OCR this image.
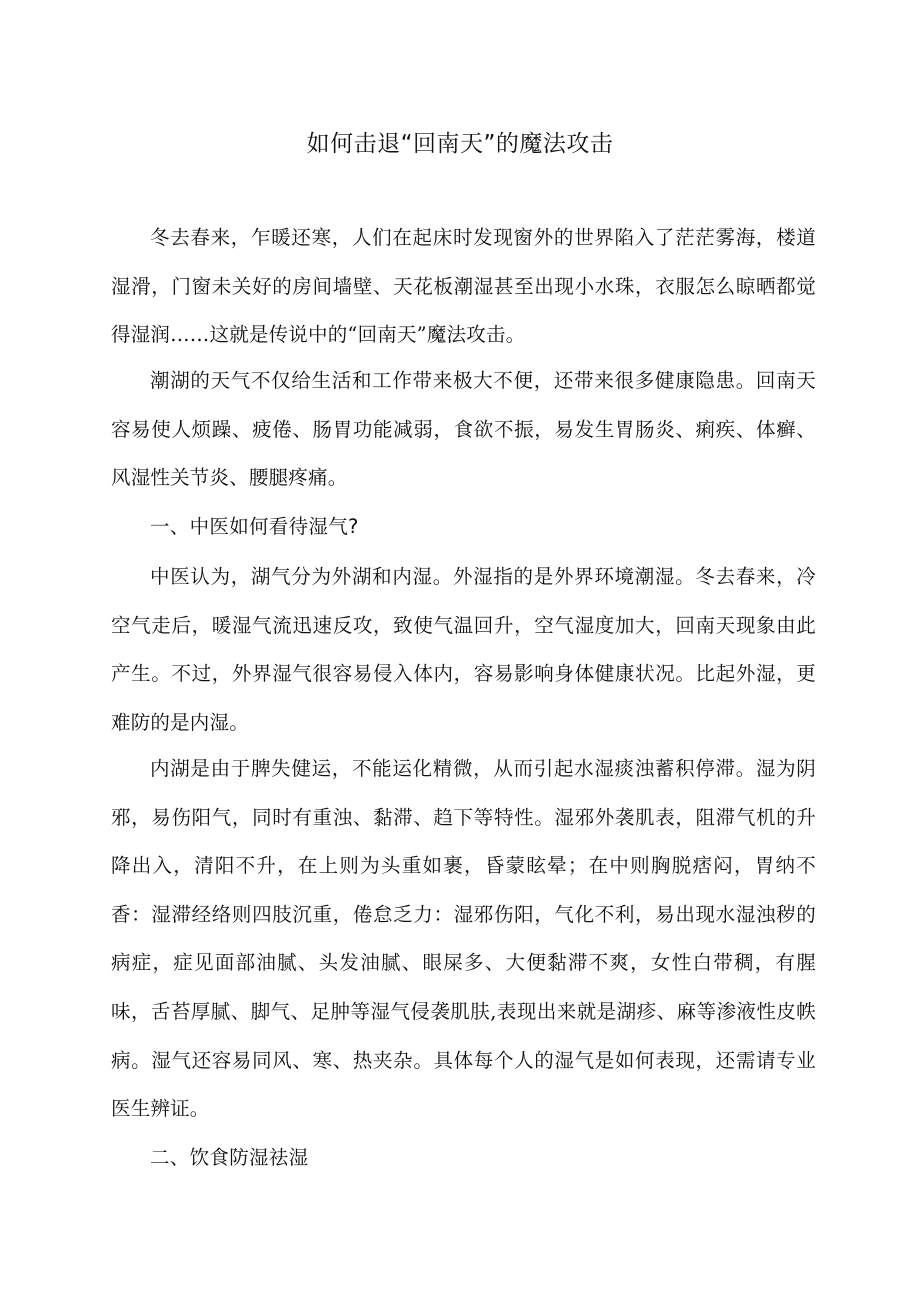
如何击退“回南天”的魔法攻击

冬去春来，乍暖还寒，人们在起床时发现窗外的世界陷入了茫茫雾海，楼道湿滑，门窗未关好的房间墙壁、天花板潮湿甚至出现小水珠，衣服怎么晾晒都觉得湿润……这就是传说中的“回南天”魔法攻击。

潮湖的天气不仅给生活和工作带来极大不便，还带来很多健康隐患。回南天容易使人烦躁、疲倦、肠胃功能减弱，食欲不振，易发生胃肠炎、痢疾、体癣、风湿性关节炎、腰腿疼痛。

一、中医如何看待湿气?

中医认为，湖气分为外湖和内湿。外湿指的是外界环境潮湿。冬去春来，冷空气走后，暖湿气流迅速反攻，致使气温回升，空气湿度加大，回南天现象由此产生。不过，外界湿气很容易侵入体内，容易影响身体健康状况。比起外湿，更难防的是内湿。

内湖是由于脾失健运，不能运化精微，从而引起水湿痰浊蓄积停滞。湿为阴邪，易伤阳气，同时有重浊、黏滞、趋下等特性。湿邪外袭肌表，阻滞气机的升降出入，清阳不升，在上则为头重如裹，昏蒙眩晕；在中则胸脱痞闷，胃纳不香：湿滞经络则四肢沉重，倦怠乏力：湿邪伤阳，气化不利，易出现水湿浊秽的病症，症见面部油腻、头发油腻、眼屎多、大便黏滞不爽，女性白带稠，有腥味，舌苔厚腻、脚气、足肿等湿气侵袭肌肤,表现出来就是湖疹、麻等渗液性皮帙病。湿气还容易同风、寒、热夹杂。具体每个人的湿气是如何表现，还需请专业医生辨证。

二、饮食防湿祛湿
